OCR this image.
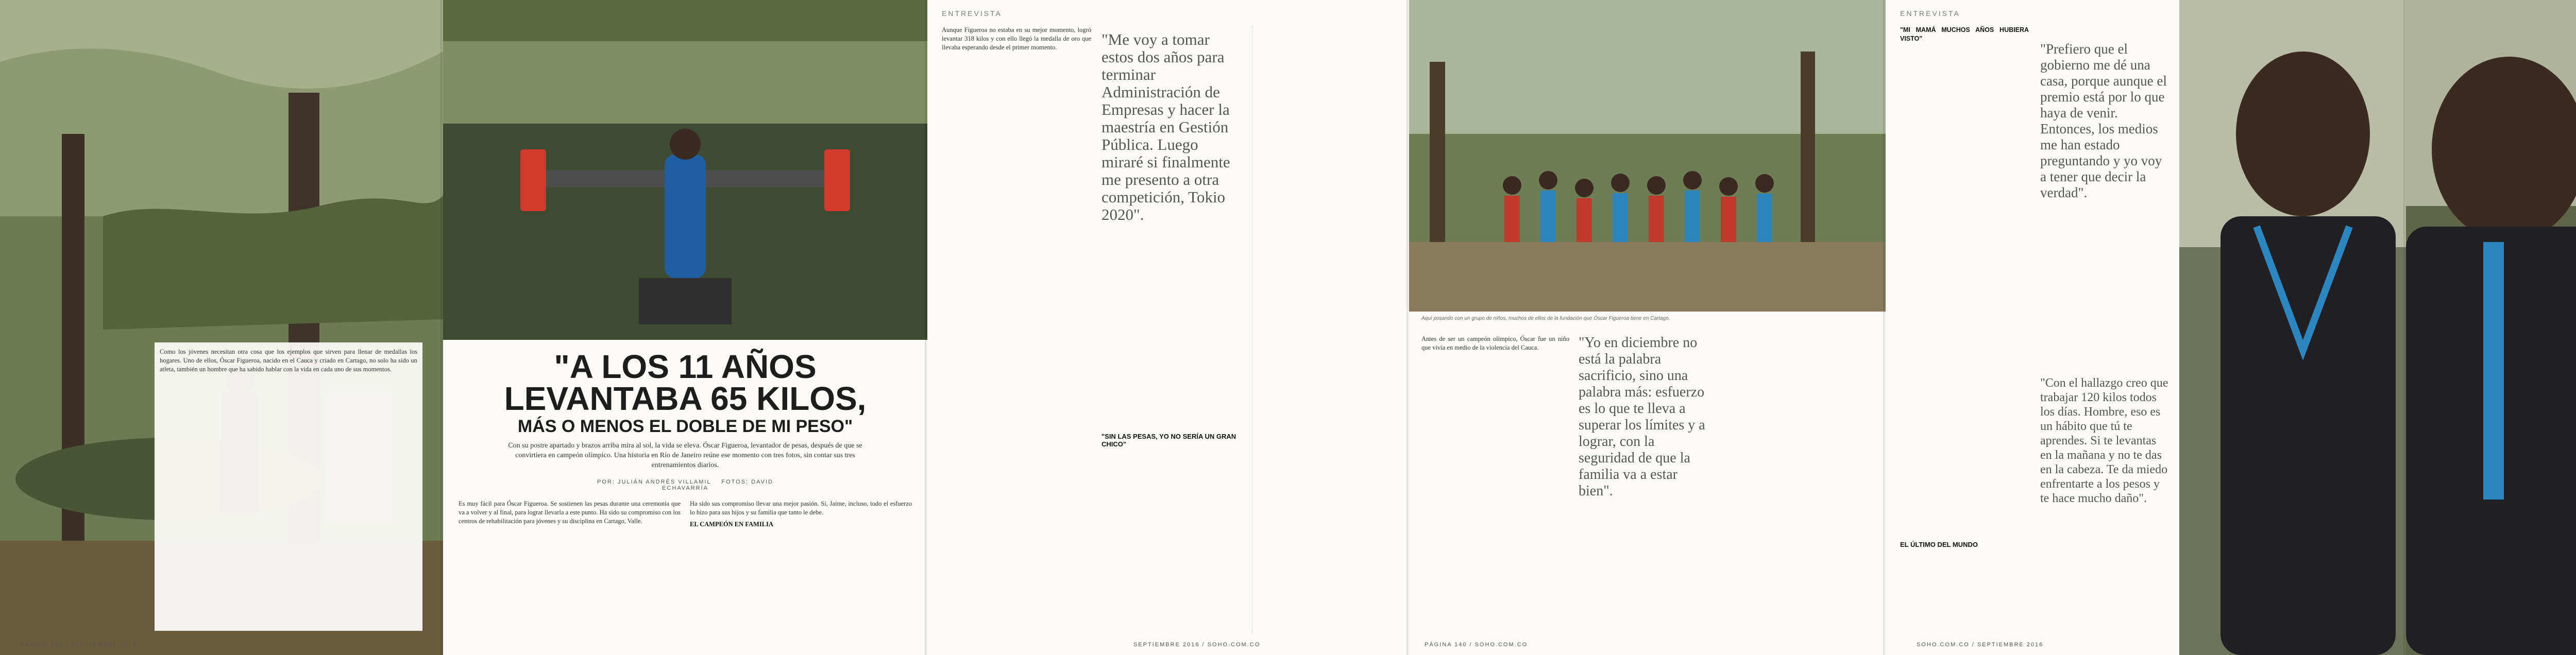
Como los jóvenes necesitan otra cosa que los ejemplos que sirven para llenar de medallas los hogares. Uno de ellos, Óscar Figueroa, nacido en el Cauca y criado en Cartago, no solo ha sido un atleta, también un hombre que ha sabido hablar con la vida en cada uno de sus momentos.
PÁGINA 138 / SEPTIEMBRE 2016
"A LOS 11 AÑOS
LEVANTABA 65 KILOS,
MÁS O MENOS EL DOBLE DE MI PESO"
Con su postre apartado y brazos arriba mira al sol, la vida se eleva. Óscar Figueroa, levantador de pesas, después de que se convirtiera en campeón olímpico. Una historia en Río de Janeiro reúne ese momento con tres fotos, sin contar sus tres entrenamientos diarios.
POR: JULIÁN ANDRÉS VILLAMIL FOTOS: DAVID ECHAVARRÍA
Es muy fácil para Óscar Figueroa. Se sostienen las pesas durante una ceremonia que va a volver y al final, para lograr llevarla a este punto. Ha sido su compromiso con los centros de rehabilitación para jóvenes y su disciplina en Cartago, Valle.

Ha sido sus compromiso llevar una mejor pasión. Sí, Jaime, incluso, todo el esfuerzo lo hizo para sus hijos y su familia que tanto le debe.

EL CAMPEÓN EN FAMILIA

ENTREVISTA
Aunque Figueroa no estaba en su mejor momento, logró levantar 318 kilos y con ello llegó la medalla de oro que llevaba esperando desde el primer momento.	"Me voy a tomar estos dos años para terminar Administración de Empresas y hacer la maestría en Gestión Pública. Luego miraré si finalmente me presento a otra competición, Tokio 2020".
"SIN LAS PESAS, YO NO SERÍA UN GRAN CHICO"
SEPTIEMBRE 2016 / SOHO.COM.CO
Aquí posando con un grupo de niños, muchos de ellos de la fundación que Óscar Figueroa tiene en Cartago.
Antes de ser un campeón olímpico, Óscar fue un niño que vivía en medio de la violencia del Cauca.	"Yo en diciembre no está la palabra sacrificio, sino una palabra más: esfuerzo es lo que te lleva a superar los límites y a lograr, con la seguridad de que la familia va a estar bien".
PÁGINA 140 / SOHO.COM.CO
ENTREVISTA

"MI MAMÁ MUCHOS AÑOS HUBIERA VISTO"

"Prefiero que el gobierno me dé una casa, porque aunque el premio está por lo que haya de venir. Entonces, los medios me han estado preguntando y yo voy a tener que decir la verdad".
"Con el hallazgo creo que trabajar 120 kilos todos los días. Hombre, eso es un hábito que tú te aprendes. Si te levantas en la mañana y no te das en la cabeza. Te da miedo enfrentarte a los pesos y te hace mucho daño".
EL ÚLTIMO DEL MUNDO
SOHO.COM.CO / SEPTIEMBRE 2016
